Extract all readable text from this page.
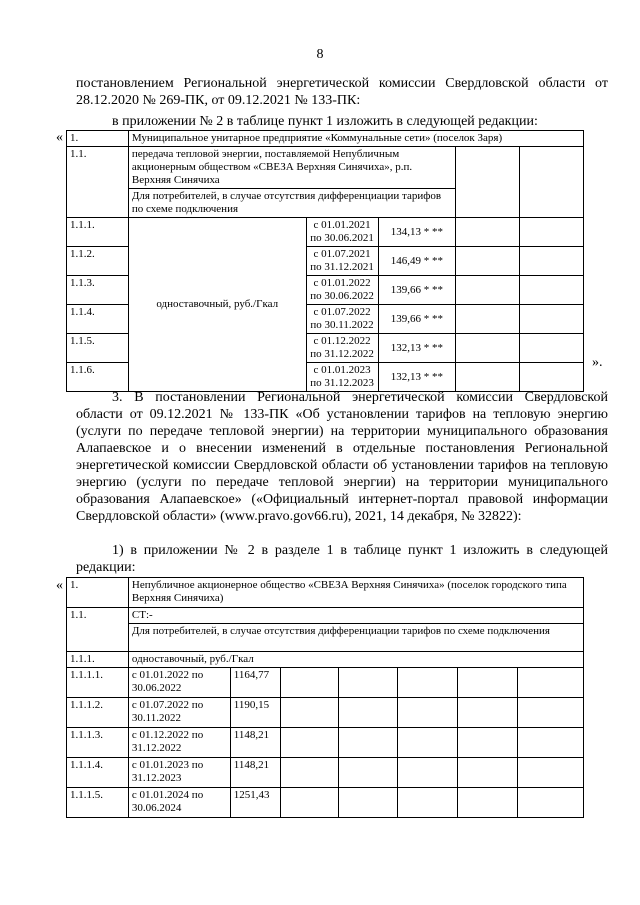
8
постановлением Региональной энергетической комиссии Свердловской области от 28.12.2020 № 269-ПК, от 09.12.2021 № 133-ПК:
в приложении № 2 в таблице пункт 1 изложить в следующей редакции:
«
».
1.	Муниципальное унитарное предприятие «Коммунальные сети» (поселок Заря)				
1.1.	передача тепловой энергии, поставляемой Непубличным акционерным обществом «СВЕЗА Верхняя Синячиха», р.п. Верхняя Синячиха				
	Для потребителей, в случае отсутствия дифференциации тарифов по схеме подключения				
1.1.1.	одноставочный, руб./Гкал	с 01.01.2021 по 30.06.2021	134,13 * **		
1.1.2.		с 01.07.2021 по 31.12.2021	146,49 * **		
1.1.3.		с 01.01.2022 по 30.06.2022	139,66 * **		
1.1.4.		с 01.07.2022 по 30.11.2022	139,66 * **		
1.1.5.		с 01.12.2022 по 31.12.2022	132,13 * **		
1.1.6.		с 01.01.2023 по 31.12.2023	132,13 * **		
3. В постановлении Региональной энергетической комиссии Свердловской области от 09.12.2021 № 133-ПК «Об установлении тарифов на тепловую энергию (услуги по передаче тепловой энергии) на территории муниципального образования Алапаевское и о внесении изменений в отдельные постановления Региональной энергетической комиссии Свердловской области об установлении тарифов на тепловую энергию (услуги по передаче тепловой энергии) на территории муниципального образования Алапаевское» («Официальный интернет-портал правовой информации Свердловской области» (www.pravo.gov66.ru), 2021, 14 декабря, № 32822):
1) в приложении № 2 в разделе 1 в таблице пункт 1 изложить в следующей редакции:
« 1.	Непубличное акционерное общество «СВЕЗА Верхняя Синячиха» (поселок городского типа Верхняя Синячиха)						
1.1.	СТ:-						
	Для потребителей, в случае отсутствия дифференциации тарифов по схеме подключения						
1.1.1.	одноставочный, руб./Гкал						
1.1.1.1.	с 01.01.2022 по 30.06.2022	1164,77					
1.1.1.2.	с 01.07.2022 по 30.11.2022	1190,15					
1.1.1.3.	с 01.12.2022 по 31.12.2022	1148,21					
1.1.1.4.	с 01.01.2023 по 31.12.2023	1148,21					
1.1.1.5.	с 01.01.2024 по 30.06.2024	1251,43					
